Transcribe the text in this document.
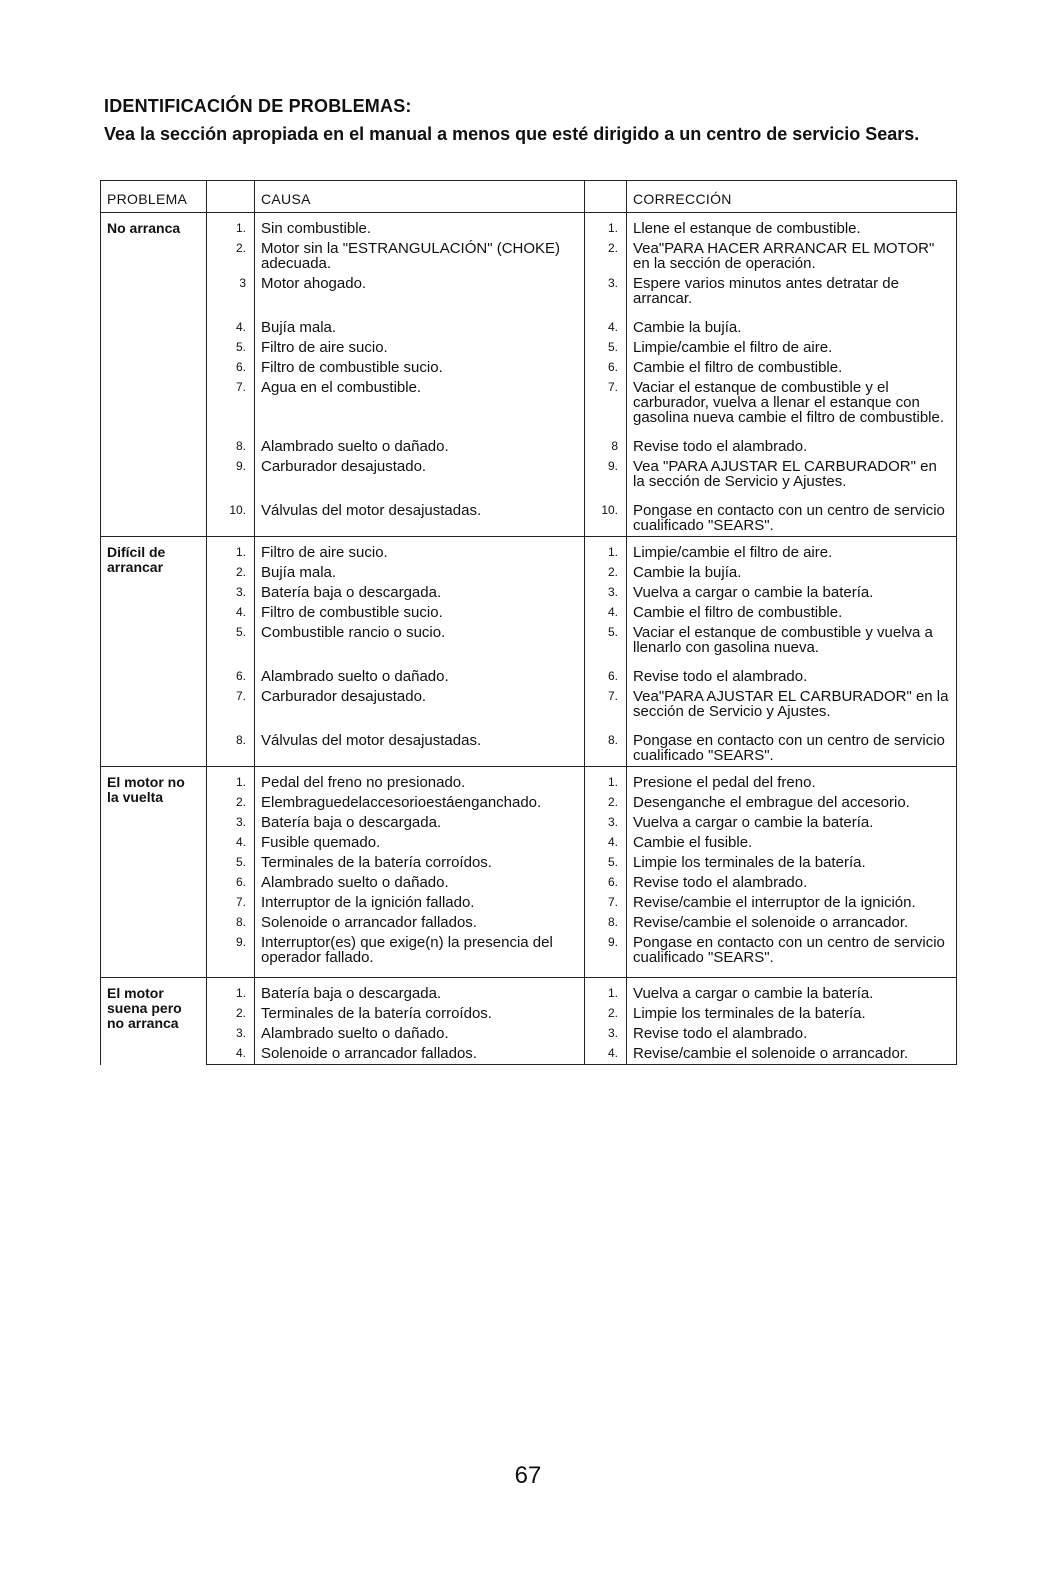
IDENTIFICACIÓN DE PROBLEMAS:
Vea la sección apropiada en el manual a menos que esté dirigido a un centro de servicio Sears.
PROBLEMA		CAUSA		CORRECCIÓN
No arranca	1.	Sin combustible.	1.	Llene el estanque de combustible.
	2.	Motor sin la "ESTRANGULACIÓN" (CHOKE) adecuada.	2.	Vea"PARA HACER ARRANCAR EL MOTOR" en la sección de operación.
	3	Motor ahogado.	3.	Espere varios minutos antes detratar de arrancar.
	4.	Bujía mala.	4.	Cambie la bujía.
	5.	Filtro de aire sucio.	5.	Limpie/cambie el filtro de aire.
	6.	Filtro de combustible sucio.	6.	Cambie el filtro de combustible.
	7.	Agua en el combustible.	7.	Vaciar el estanque de combustible y el carburador, vuelva a llenar el estanque con gasolina nueva cambie el filtro de combustible.
	8.	Alambrado suelto o dañado.	8	Revise todo el alambrado.
	9.	Carburador desajustado.	9.	Vea "PARA AJUSTAR EL CARBURADOR" en la sección de Servicio y Ajustes.
	10.	Válvulas del motor desajustadas.	10.	Pongase en contacto con un centro de servicio cualificado "SEARS".
Difícil de arrancar	1.	Filtro de aire sucio.	1.	Limpie/cambie el filtro de aire.
	2.	Bujía mala.	2.	Cambie la bujía.
	3.	Batería baja o descargada.	3.	Vuelva a cargar o cambie la batería.
	4.	Filtro de combustible sucio.	4.	Cambie el filtro de combustible.
	5.	Combustible rancio o sucio.	5.	Vaciar el estanque de combustible y vuelva a llenarlo con gasolina nueva.
	6.	Alambrado suelto o dañado.	6.	Revise todo el alambrado.
	7.	Carburador desajustado.	7.	Vea"PARA AJUSTAR EL CARBURADOR" en la sección de Servicio y Ajustes.
	8.	Válvulas del motor desajustadas.	8.	Pongase en contacto con un centro de servicio cualificado "SEARS".
El motor no la vuelta	1.	Pedal del freno no presionado.	1.	Presione el pedal del freno.
	2.	Elembraguedelaccesorioestáenganchado.	2.	Desenganche el embrague del accesorio.
	3.	Batería baja o descargada.	3.	Vuelva a cargar o cambie la batería.
	4.	Fusible quemado.	4.	Cambie el fusible.
	5.	Terminales de la batería corroídos.	5.	Limpie los terminales de la batería.
	6.	Alambrado suelto o dañado.	6.	Revise todo el alambrado.
	7.	Interruptor de la ignición fallado.	7.	Revise/cambie el interruptor de la ignición.
	8.	Solenoide o arrancador fallados.	8.	Revise/cambie el solenoide o arrancador.
	9.	Interruptor(es) que exige(n) la presencia del operador fallado.	9.	Pongase en contacto con un centro de servicio cualificado "SEARS".
El motor suena pero no arranca	1.	Batería baja o descargada.	1.	Vuelva a cargar o cambie la batería.
	2.	Terminales de la batería corroídos.	2.	Limpie los terminales de la batería.
	3.	Alambrado suelto o dañado.	3.	Revise todo el alambrado.
	4.	Solenoide o arrancador fallados.	4.	Revise/cambie el solenoide o arrancador.
67
